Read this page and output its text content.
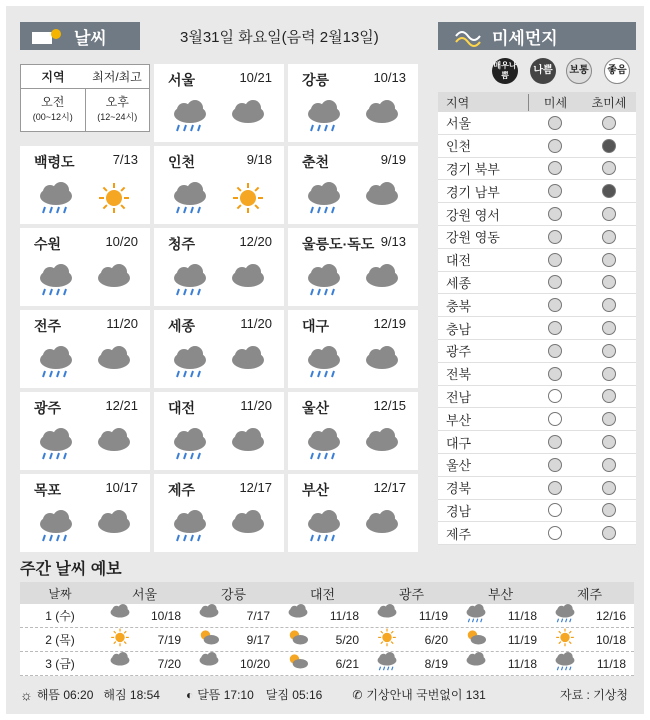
날씨	3월31일 화요일(음력 2월13일)	미세먼지
지역	최저/최고
오전
(00~12시)
오후
(12~24시)
서울	10/21 강릉	10/13
백령도	7/13 인천	9/18 춘천	9/19
수원	10/20 청주	12/20 울릉도·독도 9/13
전주	11/20 세종	11/20 대구	12/19
광주	12/21 대전	11/20 울산	12/15
목포	10/17 제주	12/17 부산	12/17
매우나쁨	나쁨 보통 좋음
지역	미세	초미세
서울
인천
경기 북부
경기 남부
강원 영서
강원 영동
대전
세종
충북
충남
광주
전북
전남
부산
대구
울산
경북
경남
제주
주간 날씨 예보
날짜	서울	강릉	대전	광주	부산	제주
1 (수)	10/18	7/17	11/18	11/19	11/18	12/16
2 (목)	7/19	9/17	5/20	6/20	11/19	10/18
3 (금)	7/20	10/20	6/21	8/19	11/18	11/18
☼ 해뜸 06:20 해짐 18:54 ◐ 달뜸 17:10 달짐 05:16	✆ 기상안내 국번없이 131	자료 : 기상청
